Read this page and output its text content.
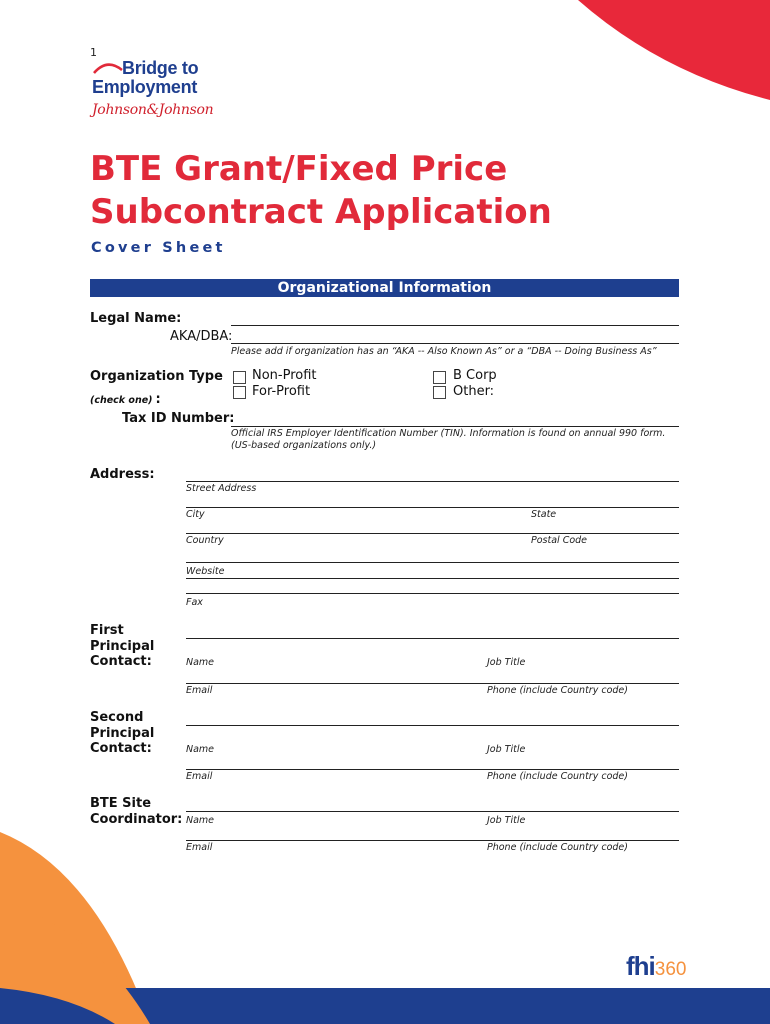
1
Bridge to
Employment
Johnson&Johnson
BTE Grant/Fixed Price
Subcontract Application
Cover Sheet
Organizational Information
Legal Name:
AKA/DBA:
Please add if organization has an “AKA -- Also Known As” or a “DBA -- Doing Business As”
Organization Type
(check one) :
Non-Profit
For-Profit
B Corp
Other:
Tax ID Number:
Official IRS Employer Identification Number (TIN). Information is found on annual 990 form. (US-based organizations only.)
Address:
Street Address
City	State
Country	Postal Code
Website
Fax
First
Principal
Contact:	Name	Job Title
Email	Phone (include Country code)
Second
Principal
Contact:	Name	Job Title
Email	Phone (include Country code)
BTE Site
Coordinator: Name	Job Title
Email	Phone (include Country code)
fhi360
